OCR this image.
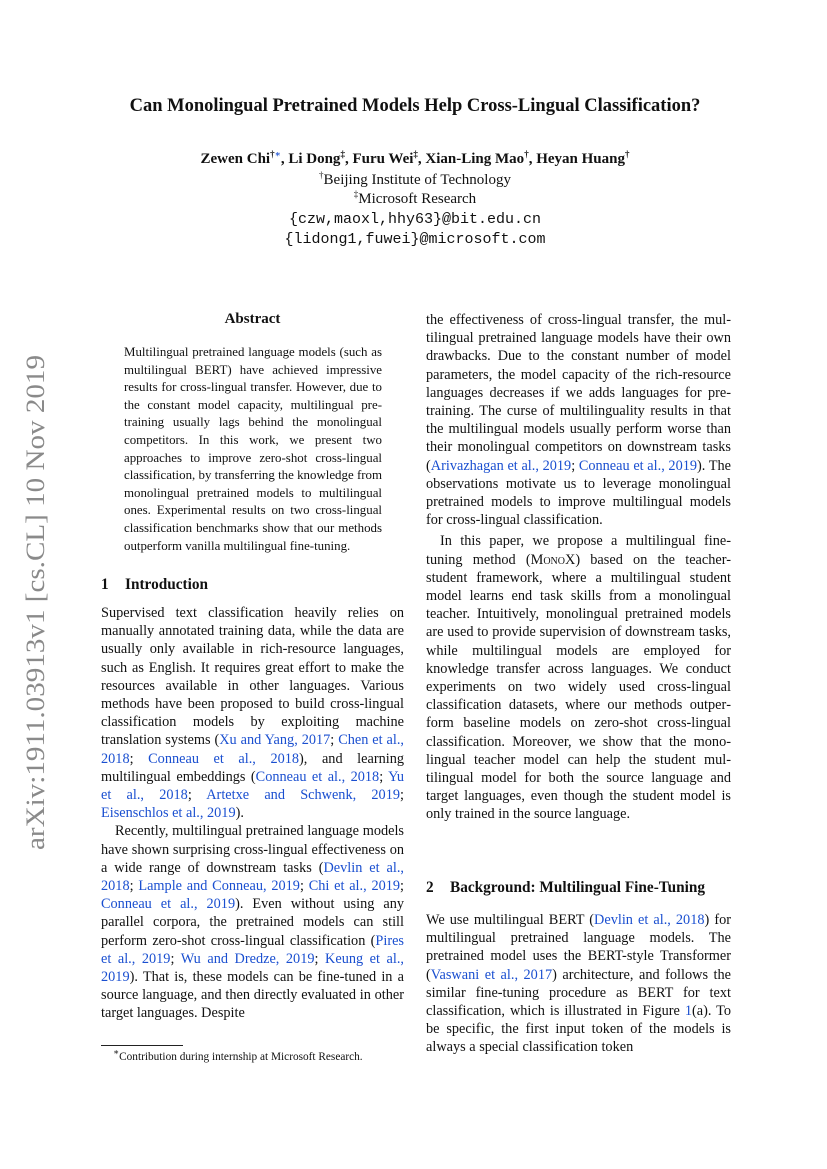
arXiv:1911.03913v1 [cs.CL] 10 Nov 2019
Can Monolingual Pretrained Models Help Cross-Lingual Classification?
Zewen Chi†∗, Li Dong‡, Furu Wei‡, Xian-Ling Mao†, Heyan Huang†
†Beijing Institute of Technology
‡Microsoft Research
{czw,maoxl,hhy63}@bit.edu.cn
{lidong1,fuwei}@microsoft.com
Abstract
Multilingual pretrained language models (such as multilingual BERT) have achieved impressive results for cross-lingual transfer. However, due to the constant model capacity, multilingual pre-training usually lags behind the monolingual competitors. In this work, we present two approaches to improve zero-shot cross-lingual classification, by transferring the knowledge from monolingual pretrained models to multilingual ones. Experimental results on two cross-lingual classification benchmarks show that our methods outperform vanilla multilingual fine-tuning.
1 Introduction

Supervised text classification heavily relies on manually annotated training data, while the data are usually only available in rich-resource languages, such as English. It requires great effort to make the resources available in other languages. Various methods have been proposed to build cross-lingual classification models by exploiting machine translation systems (Xu and Yang, 2017; Chen et al., 2018; Conneau et al., 2018), and learning multilingual embeddings (Conneau et al., 2018; Yu et al., 2018; Artetxe and Schwenk, 2019; Eisenschlos et al., 2019).

Recently, multilingual pretrained language models have shown surprising cross-lingual effectiveness on a wide range of downstream tasks (Devlin et al., 2018; Lample and Conneau, 2019; Chi et al., 2019; Conneau et al., 2019). Even without using any parallel corpora, the pretrained models can still perform zero-shot cross-lingual classification (Pires et al., 2019; Wu and Dredze, 2019; Keung et al., 2019). That is, these models can be fine-tuned in a source language, and then directly evaluated in other target languages. Despite

the effectiveness of cross-lingual transfer, the multilingual pretrained language models have their own drawbacks. Due to the constant number of model parameters, the model capacity of the rich-resource languages decreases if we adds languages for pre-training. The curse of multilinguality results in that the multilingual models usually perform worse than their monolingual competitors on downstream tasks (Arivazhagan et al., 2019; Conneau et al., 2019). The observations motivate us to leverage monolingual pretrained models to improve multilingual models for cross-lingual classification.

In this paper, we propose a multilingual fine-tuning method (MonoX) based on the teacher-student framework, where a multilingual student model learns end task skills from a monolingual teacher. Intuitively, monolingual pretrained models are used to provide supervision of downstream tasks, while multilingual models are employed for knowledge transfer across languages. We conduct experiments on two widely used cross-lingual classification datasets, where our methods outperform baseline models on zero-shot cross-lingual classification. Moreover, we show that the monolingual teacher model can help the student multilingual model for both the source language and target languages, even though the student model is only trained in the source language.

2 Background: Multilingual Fine-Tuning

We use multilingual BERT (Devlin et al., 2018) for multilingual pretrained language models. The pretrained model uses the BERT-style Transformer (Vaswani et al., 2017) architecture, and follows the similar fine-tuning procedure as BERT for text classification, which is illustrated in Figure 1(a). To be specific, the first input token of the models is always a special classification token

∗Contribution during internship at Microsoft Research.
